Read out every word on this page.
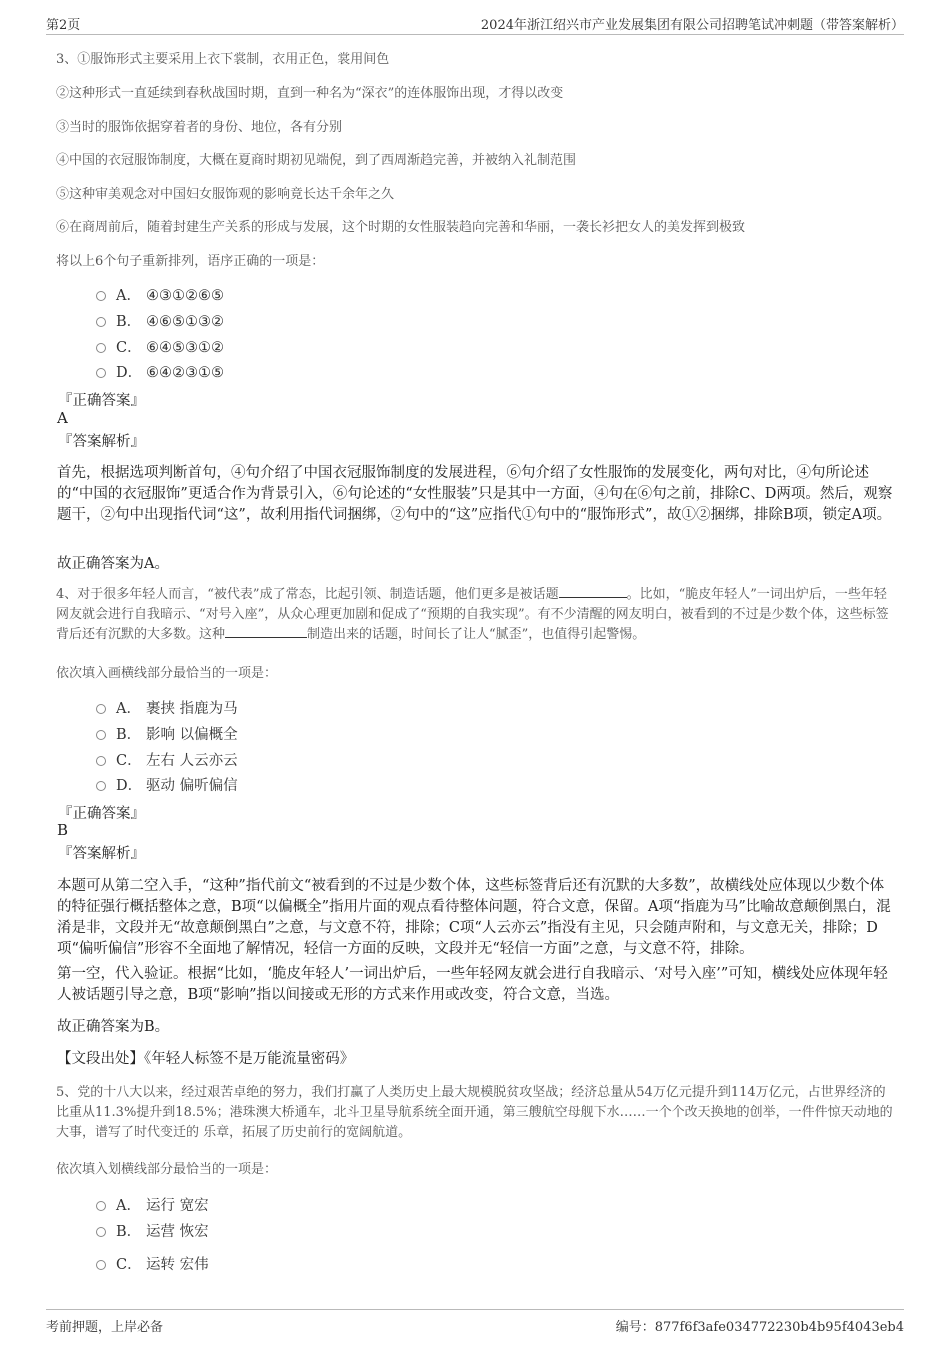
第2页	2024年浙江绍兴市产业发展集团有限公司招聘笔试冲刺题（带答案解析）
3、①服饰形式主要采用上衣下裳制，衣用正色，裳用间色
②这种形式一直延续到春秋战国时期，直到一种名为“深衣”的连体服饰出现，才得以改变
③当时的服饰依据穿着者的身份、地位，各有分别
④中国的衣冠服饰制度，大概在夏商时期初见端倪，到了西周渐趋完善，并被纳入礼制范围
⑤这种审美观念对中国妇女服饰观的影响竟长达千余年之久
⑥在商周前后，随着封建生产关系的形成与发展，这个时期的女性服装趋向完善和华丽，一袭长衫把女人的美发挥到极致
将以上6个句子重新排列，语序正确的一项是：
A． ④③①②⑥⑤
B． ④⑥⑤①③②
C． ⑥④⑤③①②
D． ⑥④②③①⑤
『正确答案』
A
『答案解析』
首先，根据选项判断首句，④句介绍了中国衣冠服饰制度的发展进程，⑥句介绍了女性服饰的发展变化，两句对比，④句所论述的“中国的衣冠服饰”更适合作为背景引入，⑥句论述的“女性服装”只是其中一方面，④句在⑥句之前，排除C、D两项。然后，观察题干，②句中出现指代词“这”，故利用指代词捆绑，②句中的“这”应指代①句中的“服饰形式”，故①②捆绑，排除B项，锁定A项。
故正确答案为A。
4、对于很多年轻人而言，“被代表”成了常态，比起引领、制造话题，他们更多是被话题	。比如，“脆皮年轻人”一词出炉后，一些年轻网友就会进行自我暗示、“对号入座”，从众心理更加剧和促成了“预期的自我实现”。有不少清醒的网友明白，被看到的不过是少数个体，这些标签背后还有沉默的大多数。这种	制造出来的话题，时间长了让人“腻歪”，也值得引起警惕。
依次填入画横线部分最恰当的一项是：
A． 裹挟 指鹿为马
B． 影响 以偏概全
C． 左右 人云亦云
D． 驱动 偏听偏信
『正确答案』
B
『答案解析』
本题可从第二空入手，“这种”指代前文“被看到的不过是少数个体，这些标签背后还有沉默的大多数”，故横线处应体现以少数个体的特征强行概括整体之意，B项“以偏概全”指用片面的观点看待整体问题，符合文意，保留。A项“指鹿为马”比喻故意颠倒黑白，混淆是非，文段并无“故意颠倒黑白”之意，与文意不符，排除；C项“人云亦云”指没有主见，只会随声附和，与文意无关，排除；D项“偏听偏信”形容不全面地了解情况，轻信一方面的反映，文段并无“轻信一方面”之意，与文意不符，排除。
第一空，代入验证。根据“比如，‘脆皮年轻人’一词出炉后，一些年轻网友就会进行自我暗示、‘对号入座’”可知，横线处应体现年轻人被话题引导之意，B项“影响”指以间接或无形的方式来作用或改变，符合文意，当选。
故正确答案为B。
【文段出处】《年轻人标签不是万能流量密码》
5、党的十八大以来，经过艰苦卓绝的努力，我们打赢了人类历史上最大规模脱贫攻坚战；经济总量从54万亿元提升到114万亿元，占世界经济的比重从11.3%提升到18.5%；港珠澳大桥通车，北斗卫星导航系统全面开通，第三艘航空母舰下水……一个个改天换地的创举，一件件惊天动地的大事，谱写了时代变迁的 乐章，拓展了历史前行的宽阔航道。
依次填入划横线部分最恰当的一项是：
A． 运行 宽宏
B． 运营 恢宏
C． 运转 宏伟
考前押题，上岸必备	编号：877f6f3afe034772230b4b95f4043eb4
